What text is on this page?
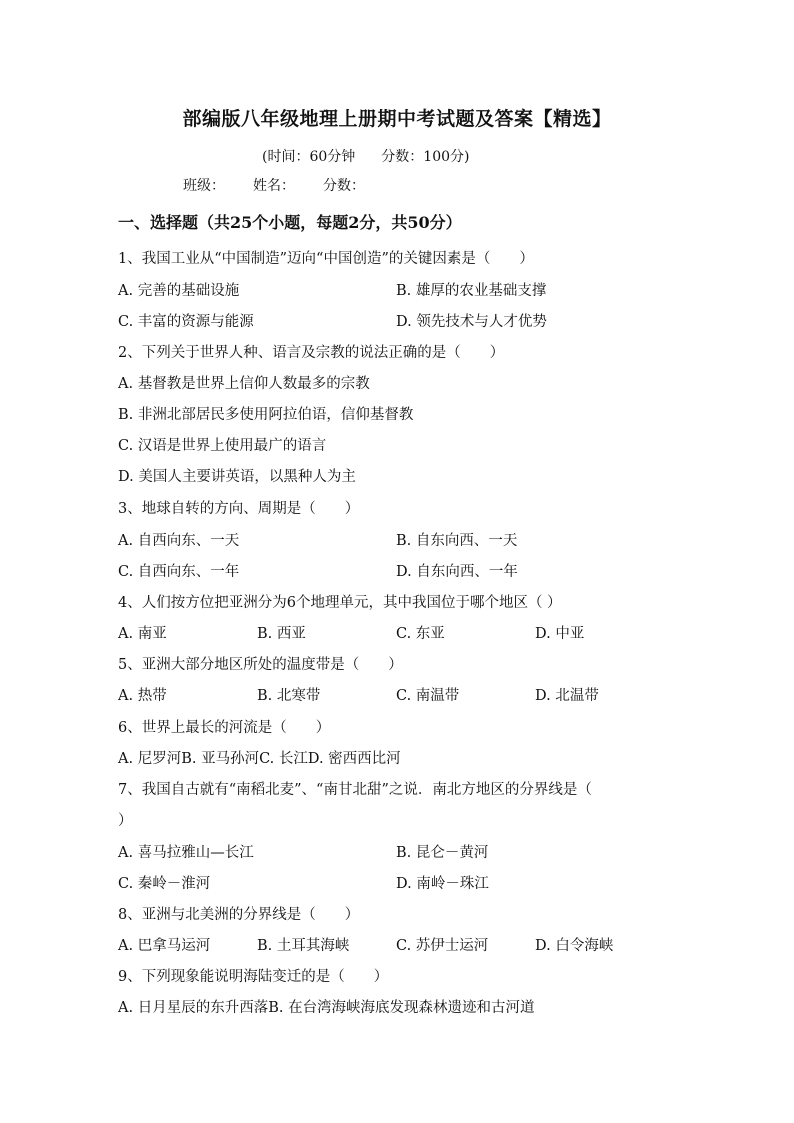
部编版八年级地理上册期中考试题及答案【精选】
(时间：60分钟 分数：100分)
班级： 姓名： 分数：
一、选择题（共25个小题，每题2分，共50分）
1、我国工业从“中国制造”迈向“中国创造”的关键因素是（　　）
A. 完善的基础设施	B. 雄厚的农业基础支撑
C. 丰富的资源与能源	D. 领先技术与人才优势
2、下列关于世界人种、语言及宗教的说法正确的是（　　）
A. 基督教是世界上信仰人数最多的宗教
B. 非洲北部居民多使用阿拉伯语，信仰基督教
C. 汉语是世界上使用最广的语言
D. 美国人主要讲英语，以黑种人为主
3、地球自转的方向、周期是（　　）
A. 自西向东、一天	B. 自东向西、一天
C. 自西向东、一年	D. 自东向西、一年
4、人们按方位把亚洲分为6个地理单元，其中我国位于哪个地区（ ）
A. 南亚	B. 西亚	C. 东亚	D. 中亚
5、亚洲大部分地区所处的温度带是（　　）
A. 热带	B. 北寒带	C. 南温带	D. 北温带
6、世界上最长的河流是（　　）
A. 尼罗河B. 亚马孙河C. 长江D. 密西西比河
7、我国自古就有“南稻北麦”、“南甘北甜”之说．南北方地区的分界线是（
）
A. 喜马拉雅山—长江	B. 昆仑－黄河
C. 秦岭－淮河	D. 南岭－珠江
8、亚洲与北美洲的分界线是（　　）
A. 巴拿马运河	B. 土耳其海峡	C. 苏伊士运河	D. 白令海峡
9、下列现象能说明海陆变迁的是（　　）
A. 日月星辰的东升西落B. 在台湾海峡海底发现森林遗迹和古河道
